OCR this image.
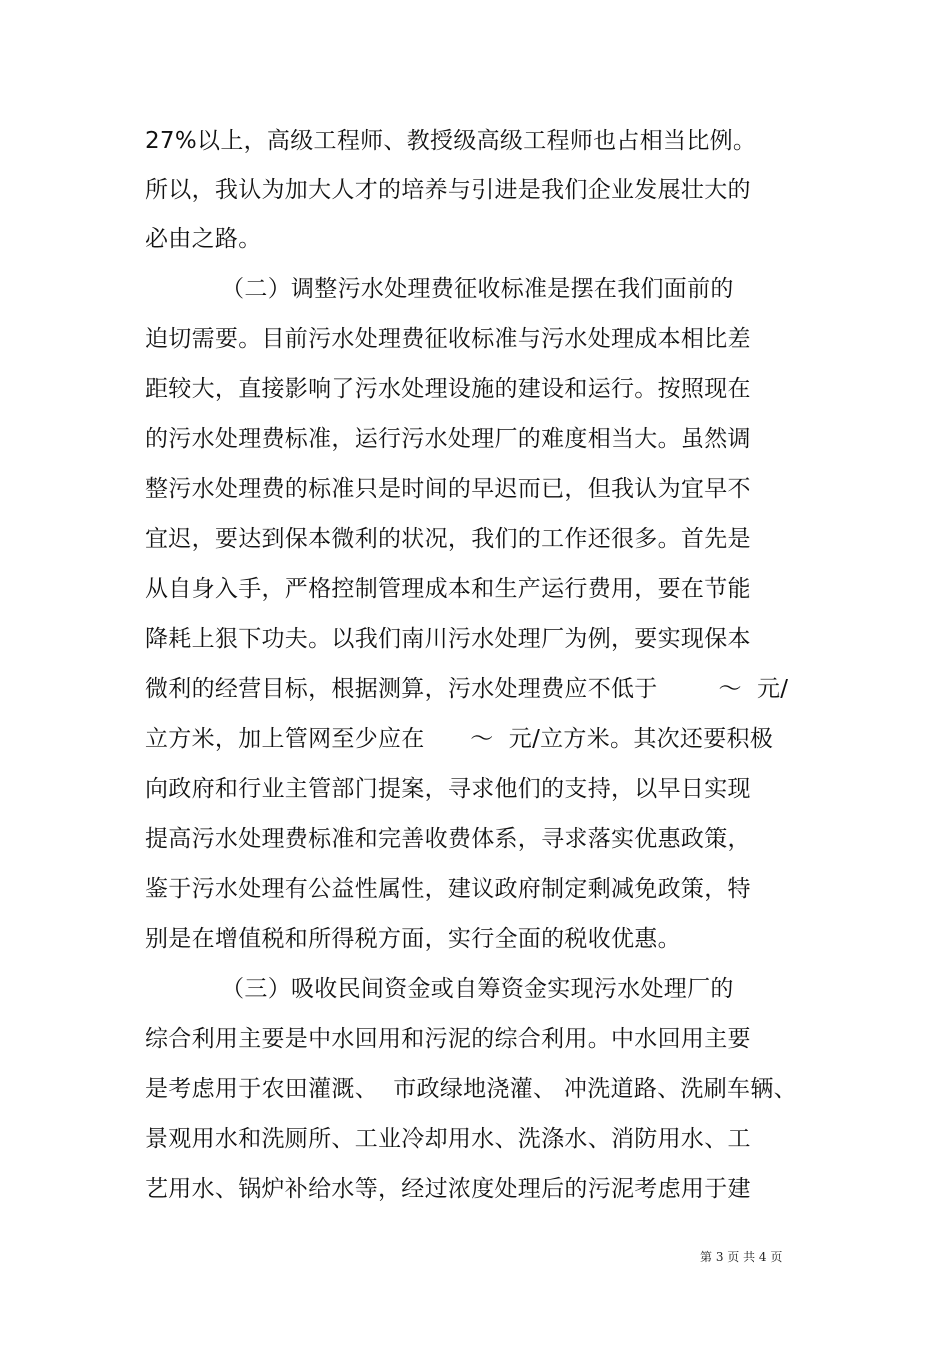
27%以上，高级工程师、教授级高级工程师也占相当比例。
所以，我认为加大人才的培养与引进是我们企业发展壮大的
必由之路。
（二）调整污水处理费征收标准是摆在我们面前的
迫切需要。目前污水处理费征收标准与污水处理成本相比差
距较大，直接影响了污水处理设施的建设和运行。按照现在
的污水处理费标准，运行污水处理厂的难度相当大。虽然调
整污水处理费的标准只是时间的早迟而已，但我认为宜早不
宜迟，要达到保本微利的状况，我们的工作还很多。首先是
从自身入手，严格控制管理成本和生产运行费用，要在节能
降耗上狠下功夫。以我们南川污水处理厂为例，要实现保本
微利的经营目标，根据测算，污水处理费应不低于        ～  元/
立方米，加上管网至少应在      ～  元/立方米。其次还要积极
向政府和行业主管部门提案，寻求他们的支持，以早日实现
提高污水处理费标准和完善收费体系，寻求落实优惠政策，
鉴于污水处理有公益性属性，建议政府制定剩减免政策，特
别是在增值税和所得税方面，实行全面的税收优惠。
（三）吸收民间资金或自筹资金实现污水处理厂的
综合利用主要是中水回用和污泥的综合利用。中水回用主要
是考虑用于农田灌溉、  市政绿地浇灌、 冲洗道路、洗刷车辆、
景观用水和洗厕所、工业冷却用水、洗涤水、消防用水、工
艺用水、锅炉补给水等，经过浓度处理后的污泥考虑用于建
第 3 页 共 4 页
